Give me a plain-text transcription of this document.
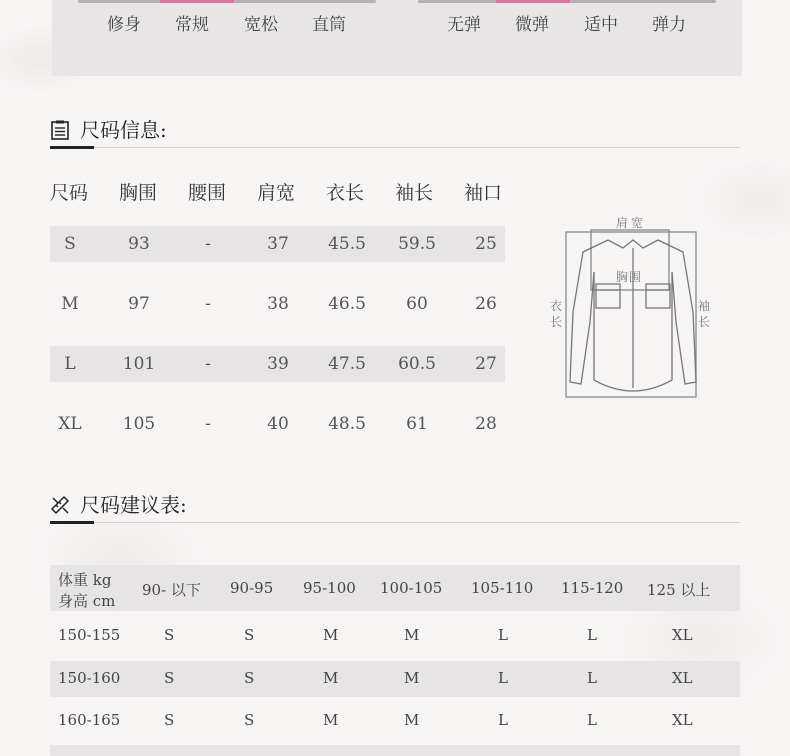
修身 常规 宽松 直筒	无弹 微弹 适中 弹力
尺码信息:
尺码	胸围	腰围	肩宽	衣长	袖长	袖口
S	93	-	37	45.5	59.5	25
M	97	-	38	46.5	60	26
L	101	-	39	47.5	60.5	27
XL	105	-	40	48.5	61	28
肩宽
胸围
衣长
袖长
尺码建议表:
体重 kg
身高 cm
90- 以下 90-95 95-100 100-105 105-110 115-120 125 以上
150-155	S	S	M	M	L	L	XL
150-160	S	S	M	M	L	L	XL
160-165	S	S	M	M	L	L	XL
